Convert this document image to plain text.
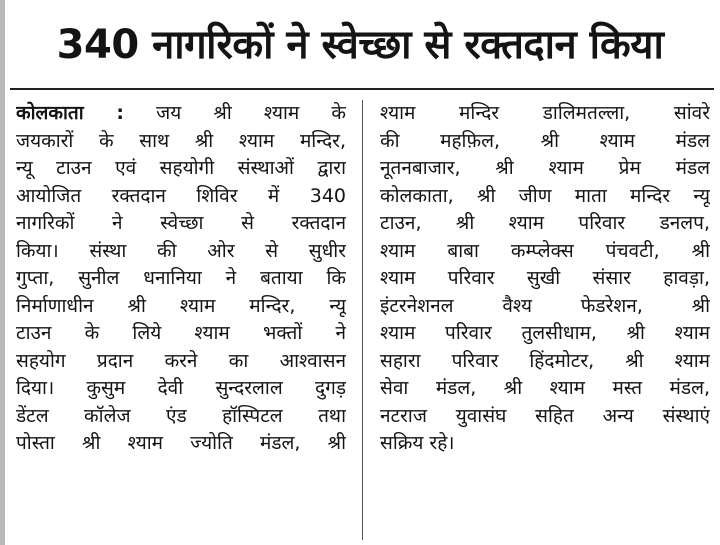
340 नागरिकों ने स्वेच्छा से रक्तदान किया
कोलकाता : जय श्री श्याम के
जयकारों के साथ श्री श्याम मन्दिर,
न्यू टाउन एवं सहयोगी संस्थाओं द्वारा
आयोजित रक्तदान शिविर में 340
नागरिकों ने स्वेच्छा से रक्तदान
किया। संस्था की ओर से सुधीर
गुप्ता, सुनील धनानिया ने बताया कि
निर्माणाधीन श्री श्याम मन्दिर, न्यू
टाउन के लिये श्याम भक्तों ने
सहयोग प्रदान करने का आश्वासन
दिया। कुसुम देवी सुन्दरलाल दुगड़
डेंटल कॉलेज एंड हॉस्पिटल तथा
पोस्ता श्री श्याम ज्योति मंडल, श्री
श्याम मन्दिर डालिमतल्ला, सांवरे
की महफ़िल, श्री श्याम मंडल
नूतनबाजार, श्री श्याम प्रेम मंडल
कोलकाता, श्री जीण माता मन्दिर न्यू
टाउन, श्री श्याम परिवार डनलप,
श्याम बाबा कम्प्लेक्स पंचवटी, श्री
श्याम परिवार सुखी संसार हावड़ा,
इंटरनेशनल वैश्य फेडरेशन, श्री
श्याम परिवार तुलसीधाम, श्री श्याम
सहारा परिवार हिंदमोटर, श्री श्याम
सेवा मंडल, श्री श्याम मस्त मंडल,
नटराज युवासंघ सहित अन्य संस्थाएं
सक्रिय रहे।
